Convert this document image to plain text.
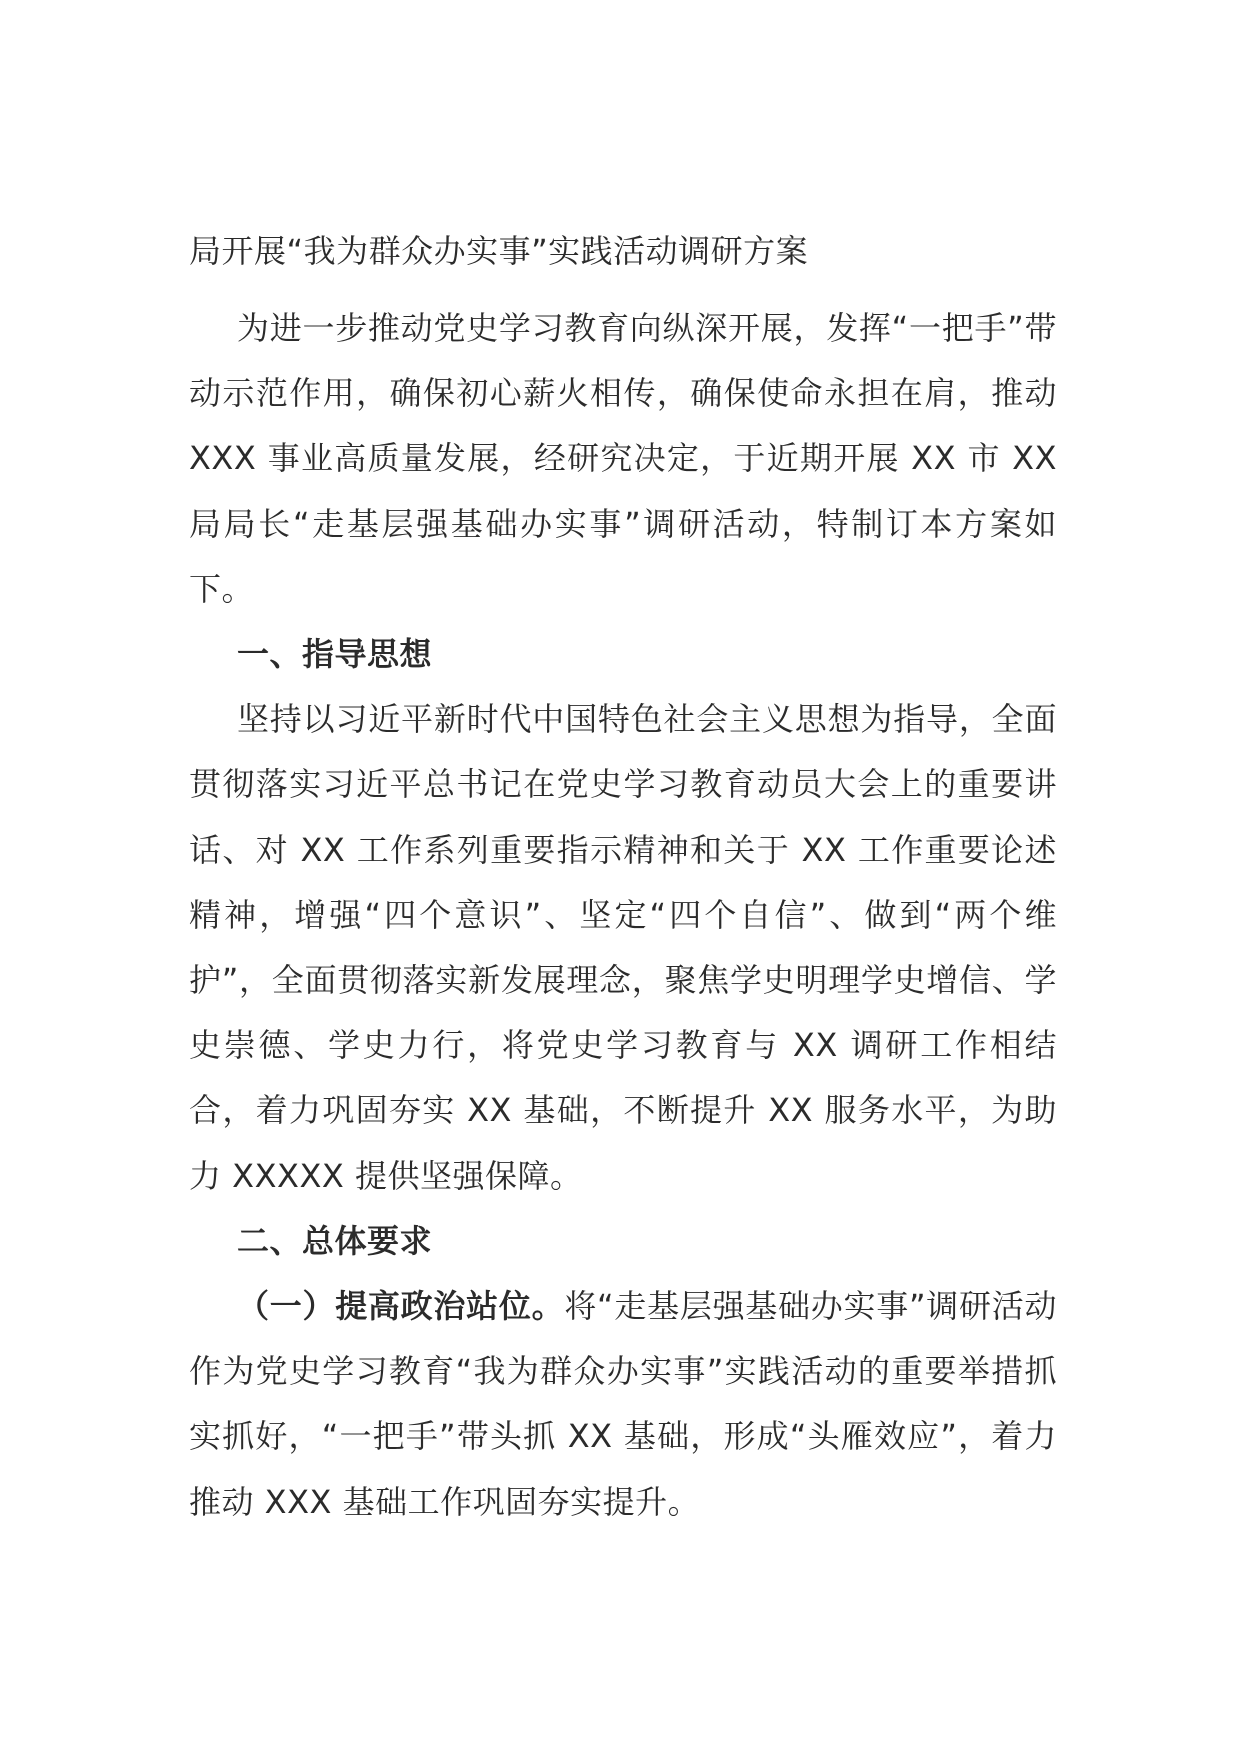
局开展“我为群众办实事”实践活动调研方案

为进一步推动党史学习教育向纵深开展，发挥“一把手”带动示范作用，确保初心薪火相传，确保使命永担在肩，推动 XXX 事业高质量发展，经研究决定，于近期开展 XX 市 XX 局局长“走基层强基础办实事”调研活动，特制订本方案如下。

一、指导思想

坚持以习近平新时代中国特色社会主义思想为指导，全面贯彻落实习近平总书记在党史学习教育动员大会上的重要讲话、对 XX 工作系列重要指示精神和关于 XX 工作重要论述精神，增强“四个意识”、坚定“四个自信”、做到“两个维护”，全面贯彻落实新发展理念，聚焦学史明理学史增信、学史崇德、学史力行，将党史学习教育与 XX 调研工作相结合，着力巩固夯实 XX 基础，不断提升 XX 服务水平，为助力 XXXXX 提供坚强保障。

二、总体要求

（一）提高政治站位。将“走基层强基础办实事”调研活动作为党史学习教育“我为群众办实事”实践活动的重要举措抓实抓好，“一把手”带头抓 XX 基础，形成“头雁效应”，着力推动 XXX 基础工作巩固夯实提升。
